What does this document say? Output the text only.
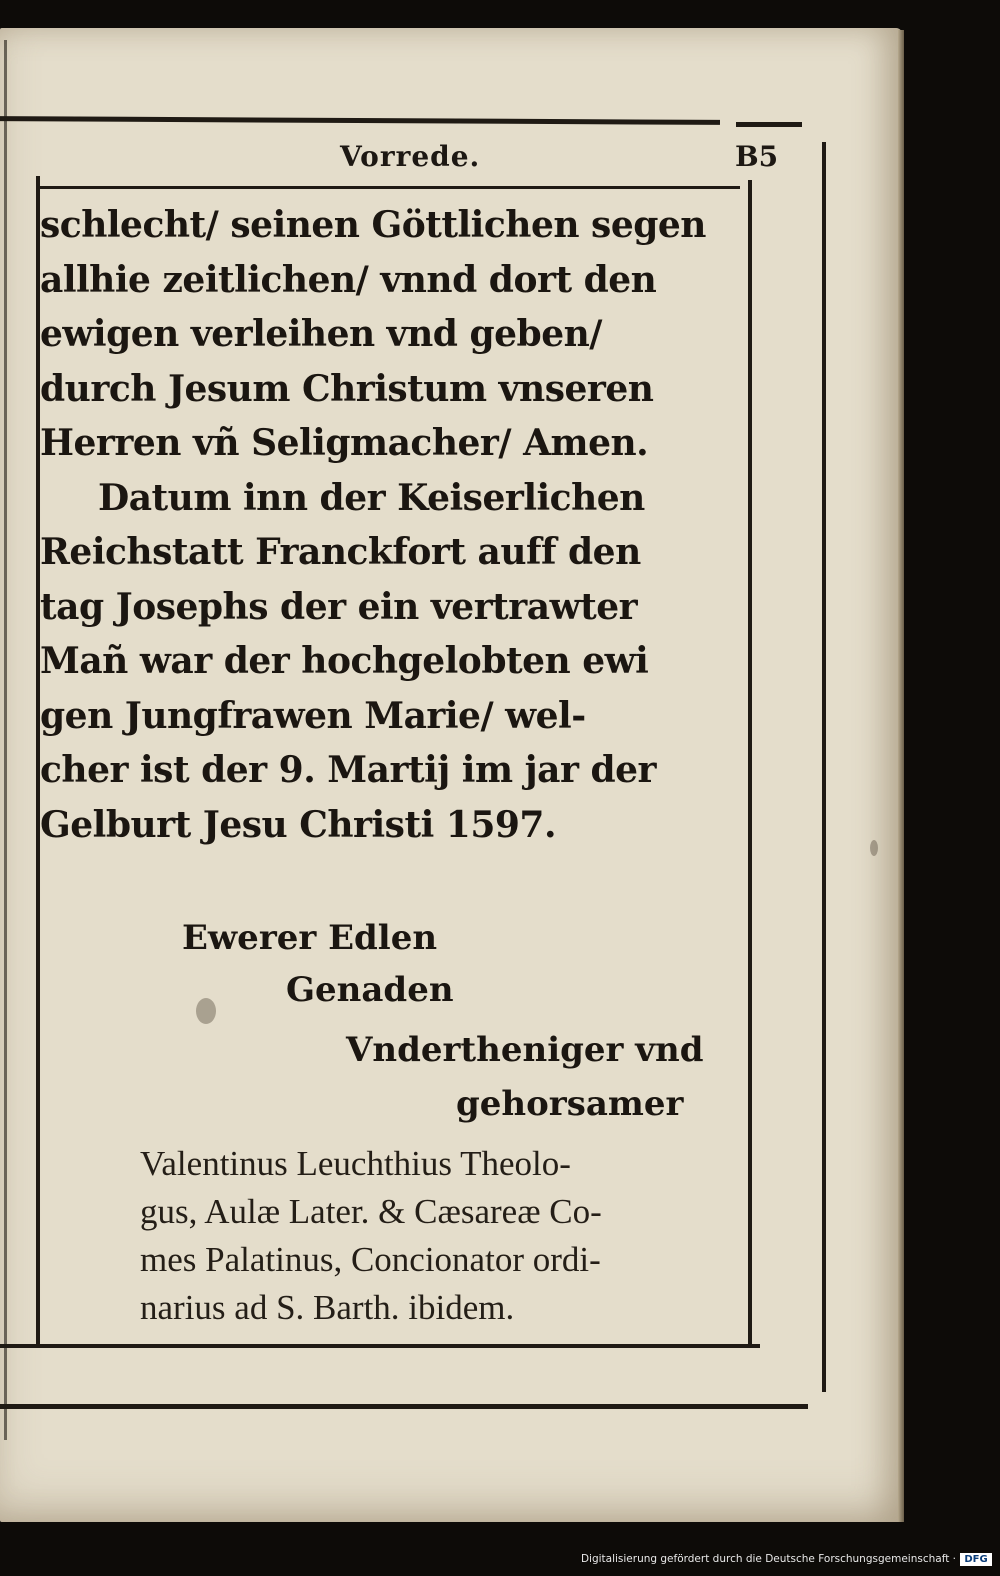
Vorrede.	B5
schlecht/ seinen Göttlichen segen
allhie zeitlichen/ vnnd dort den
ewigen verleihen vnd geben/
durch Jesum Christum vnseren
Herren vñ Seligmacher/ Amen.
Datum inn der Keiserlichen
Reichstatt Franckfort auff den
tag Josephs der ein vertrawter
Mañ war der hochgelobten ewi
gen Jungfrawen Marie/ wel-
cher ist der 9. Martij im jar der
Gelburt Jesu Christi 1597.
Ewerer Edlen
Genaden
Vndertheniger vnd
gehorsamer
Valentinus Leuchthius Theolo-
gus, Aulæ Later. & Cæsareæ Co-
mes Palatinus, Concionator ordi-
narius ad S. Barth. ibidem.
Digitalisierung gefördert durch die Deutsche Forschungsgemeinschaft · DFG
